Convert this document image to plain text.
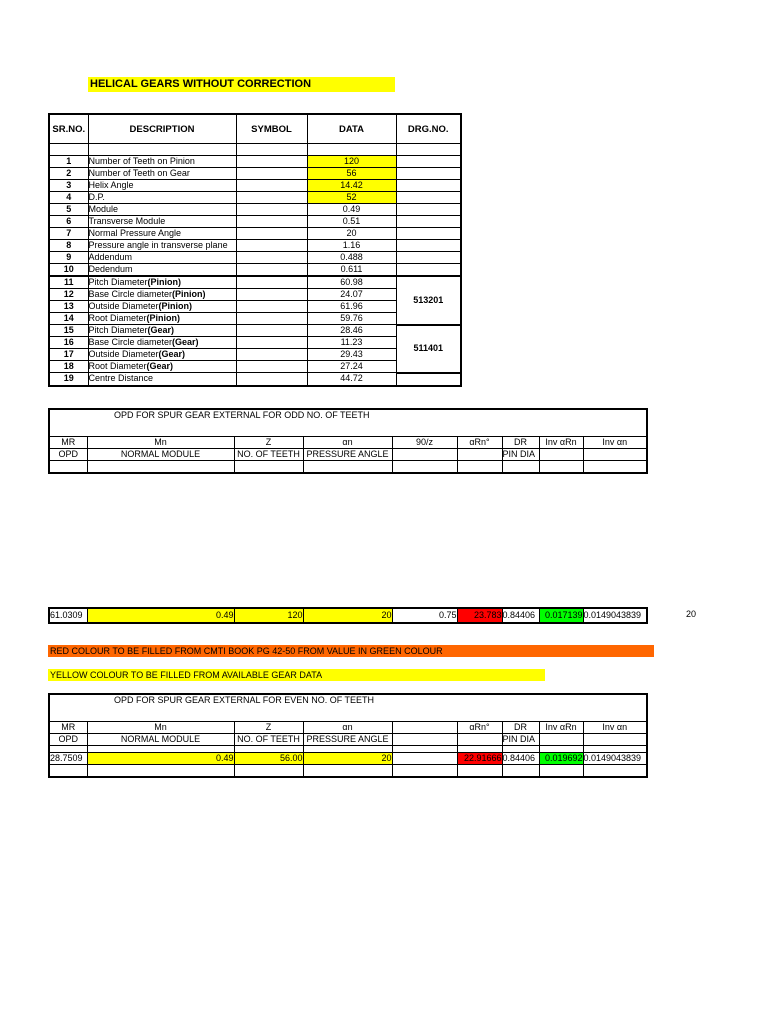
HELICAL GEARS WITHOUT CORRECTION
SR.NO.	DESCRIPTION	SYMBOL	DATA	DRG.NO.

1	Number of Teeth on Pinion		120	
2	Number of Teeth on Gear		56	
3	Helix Angle		14.42	
4	D.P.		52	
5	Module		0.49	
6	Transverse Module		0.51	
7	Normal Pressure Angle		20	
8	Pressure angle in transverse plane		1.16	
9	Addendum		0.488	
10	Dedendum		0.611	
11	Pitch Diameter(Pinion)		60.98	513201
12	Base Circle diameter(Pinion)		24.07	
13	Outside Diameter(Pinion)		61.96	
14	Root Diameter(Pinion)		59.76	
15	Pitch Diameter(Gear)		28.46	511401
16	Base Circle diameter(Gear)		11.23	
17	Outside Diameter(Gear)		29.43	
18	Root Diameter(Gear)		27.24	
19	Centre Distance		44.72	
OPD FOR SPUR GEAR EXTERNAL FOR ODD NO. OF TEETH								
MR	Mn	Z	αn	90/z	αRn°	DR	Inv αRn	Inv αn
OPD	NORMAL MODULE	NO. OF TEETH	PRESSURE ANGLE			PIN DIA		

61.0309	0.49	120	20	0.75	23.783	0.84406	0.017139	0.0149043839	20
RED COLOUR TO BE FILLED FROM CMTI BOOK PG 42-50 FROM VALUE IN GREEN COLOUR
YELLOW COLOUR TO BE FILLED FROM AVAILABLE GEAR DATA
OPD FOR SPUR GEAR EXTERNAL FOR EVEN NO. OF TEETH								
MR	Mn	Z	αn		αRn°	DR	Inv αRn	Inv αn
OPD	NORMAL MODULE	NO. OF TEETH	PRESSURE ANGLE			PIN DIA		

28.7509	0.49	56.00	20		22.91666	0.84406	0.019692	0.0149043839
